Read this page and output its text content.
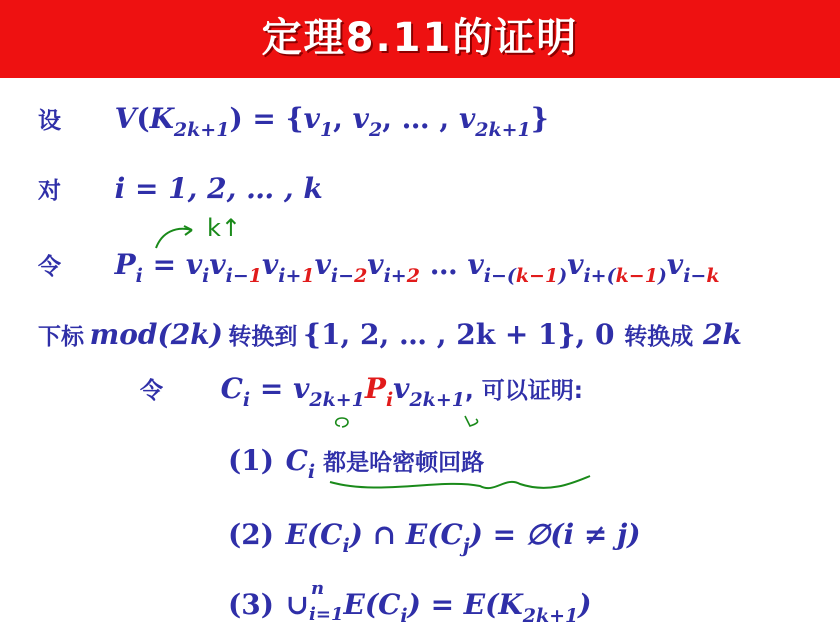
定理8.11的证明
设 $V(K_{2k+1}) = \{v_1$, $v_2$, … , $v_{2k+1}$}
对 i = 1, 2, … , k
k↑
令 $P_i = v_iv_{i-1}v_{i+1}v_{i-2}v_{i+2}$ … $v_{i-(k-1)}v_{i+(k-1)}v_{i-k}$
下标 mod(2k) 转换到 {1, 2, … , 2k + 1}, 0 转换成 2k
令 $C_i = v_{2k+1}P_iv_{2k+1}$, 可以证明:
(1) $C_i$ 都是哈密顿回路
(2) $E(C_i)$ ∩ $E(C_j)$ = ∅(i ≠ j)
(3) ∪ n
i=1 $E(C_i) = E(K_{2k+1})$
